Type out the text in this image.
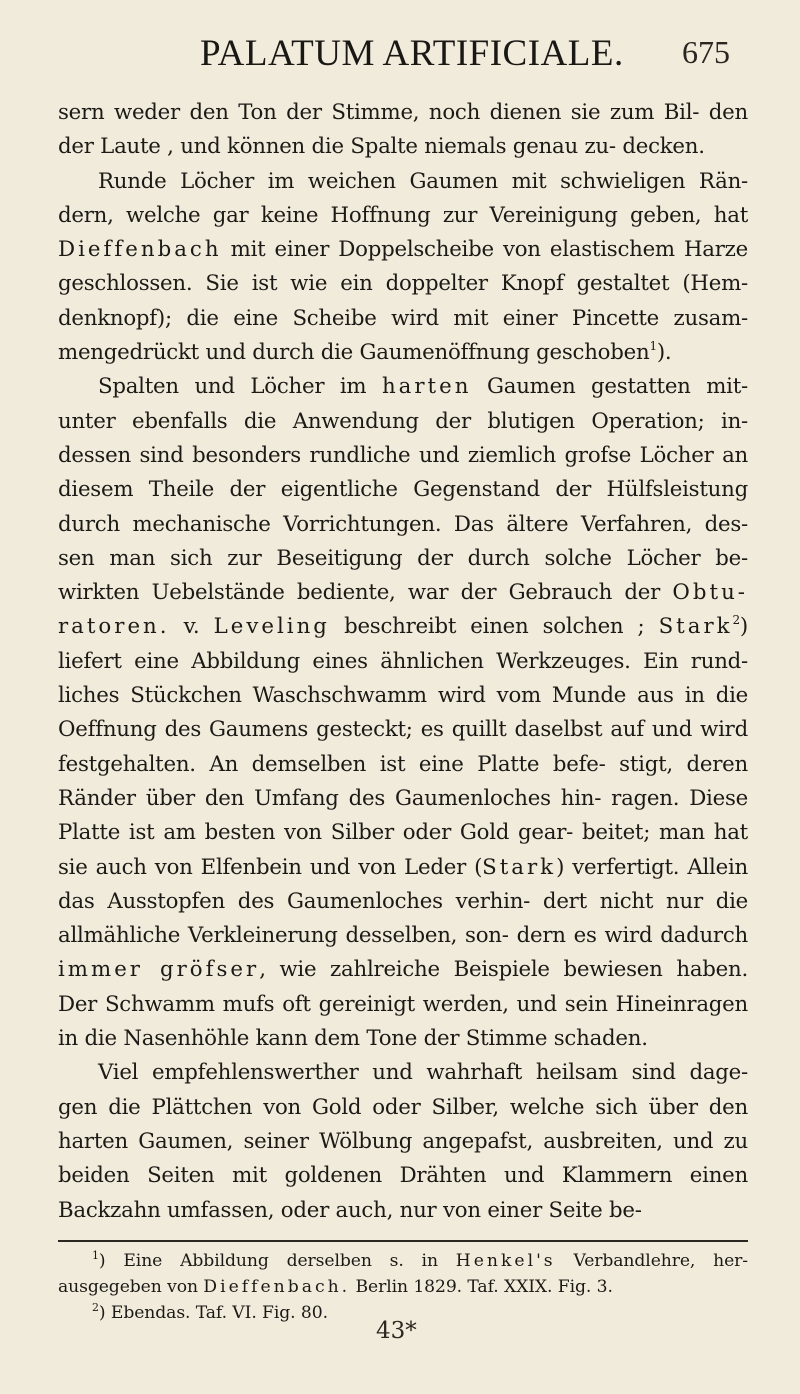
PALATUM ARTIFICIALE. 675

sern weder den Ton der Stimme, noch dienen sie zum Bil- den der Laute , und können die Spalte niemals genau zu- decken.

Runde Löcher im weichen Gaumen mit schwieligen Rän- dern, welche gar keine Hoffnung zur Vereinigung geben, hat Dieffenbach mit einer Doppelscheibe von elastischem Harze geschlossen. Sie ist wie ein doppelter Knopf gestaltet (Hem- denknopf); die eine Scheibe wird mit einer Pincette zusam- mengedrückt und durch die Gaumenöffnung geschoben$^1$).

Spalten und Löcher im harten Gaumen gestatten mit- unter ebenfalls die Anwendung der blutigen Operation; in- dessen sind besonders rundliche und ziemlich grofse Löcher an diesem Theile der eigentliche Gegenstand der Hülfsleistung durch mechanische Vorrichtungen. Das ältere Verfahren, des- sen man sich zur Beseitigung der durch solche Löcher be- wirkten Uebelstände bediente, war der Gebrauch der Obtu- ratoren. v. Leveling beschreibt einen solchen ; Stark$^2$) liefert eine Abbildung eines ähnlichen Werkzeuges. Ein rund- liches Stückchen Waschschwamm wird vom Munde aus in die Oeffnung des Gaumens gesteckt; es quillt daselbst auf und wird festgehalten. An demselben ist eine Platte befe- stigt, deren Ränder über den Umfang des Gaumenloches hin- ragen. Diese Platte ist am besten von Silber oder Gold gear- beitet; man hat sie auch von Elfenbein und von Leder (Stark) verfertigt. Allein das Ausstopfen des Gaumenloches verhin- dert nicht nur die allmähliche Verkleinerung desselben, son- dern es wird dadurch immer gröfser, wie zahlreiche Beispiele bewiesen haben. Der Schwamm mufs oft gereinigt werden, und sein Hineinragen in die Nasenhöhle kann dem Tone der Stimme schaden.

Viel empfehlenswerther und wahrhaft heilsam sind dage- gen die Plättchen von Gold oder Silber, welche sich über den harten Gaumen, seiner Wölbung angepafst, ausbreiten, und zu beiden Seiten mit goldenen Drähten und Klammern einen Backzahn umfassen, oder auch, nur von einer Seite be-

$^1$) Eine Abbildung derselben s. in Henkel's Verbandlehre, her- ausgegeben von Dieffenbach. Berlin 1829. Taf. XXIX. Fig. 3.

$^2$) Ebendas. Taf. VI. Fig. 80.

43*
